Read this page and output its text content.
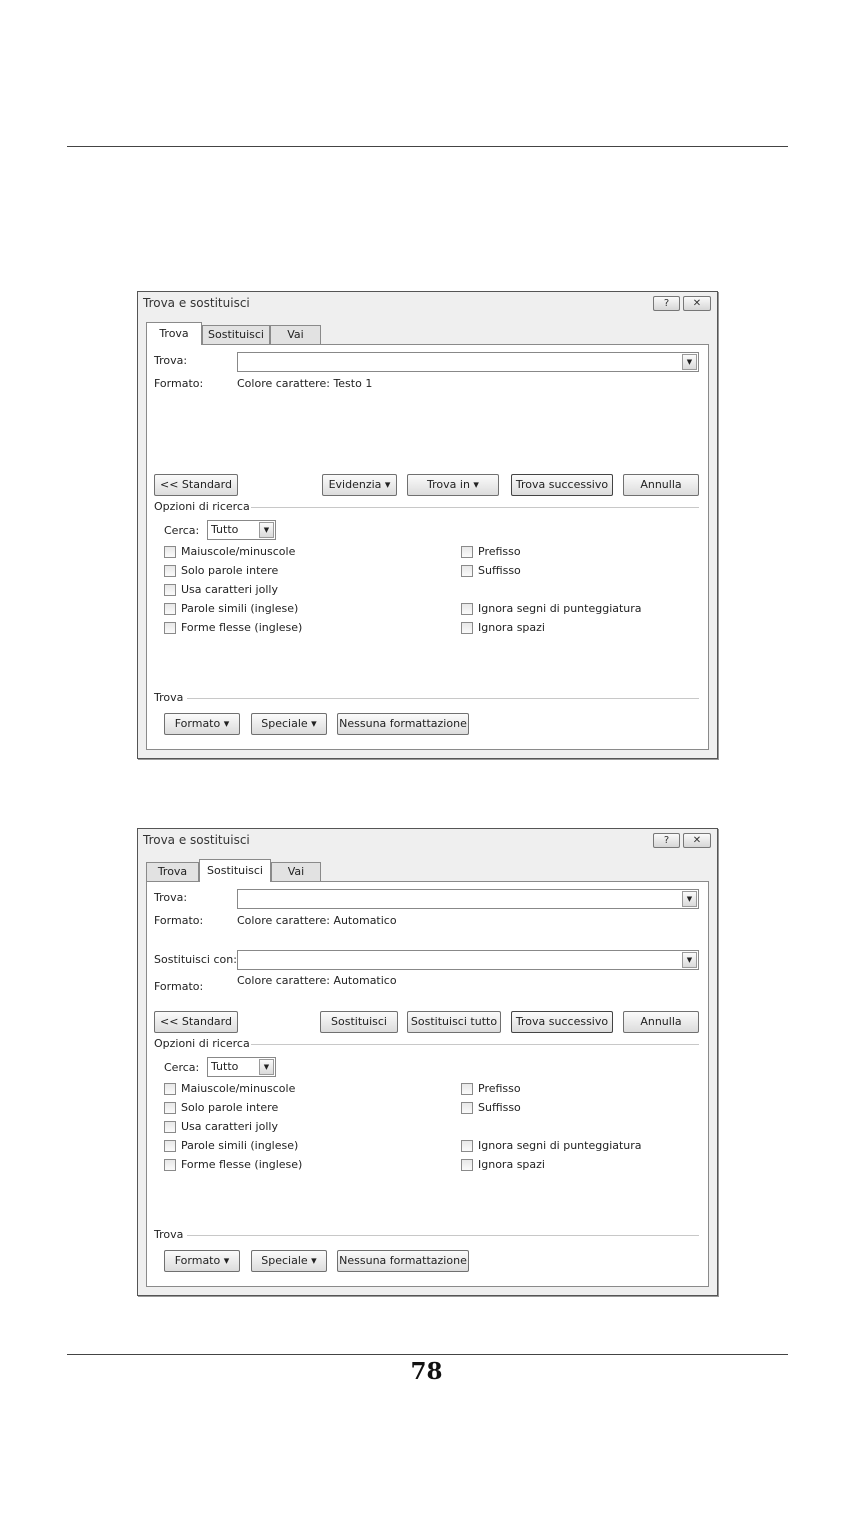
Trova e sostituisci	?	✕
Trova	Sostituisci	Vai
Trova:	▼
Formato:	Colore carattere: Testo 1
<< Standard	Evidenzia ▾	Trova in ▾	Trova successivo	Annulla
Opzioni di ricerca
Cerca: Tutto	▼
Maiuscole/minuscole
Solo parole intere
Usa caratteri jolly
Parole simili (inglese)
Forme flesse (inglese)
Prefisso
Suffisso
Ignora segni di punteggiatura
Ignora spazi
Trova
Formato ▾	Speciale ▾	Nessuna formattazione
Trova e sostituisci	?	✕
Trova	Sostituisci	Vai
Trova:	▼
Formato:	Colore carattere: Automatico
Sostituisci con:	▼
Formato:	Colore carattere: Automatico
<< Standard	Sostituisci	Sostituisci tutto	Trova successivo	Annulla
Opzioni di ricerca
Cerca: Tutto	▼
Maiuscole/minuscole
Solo parole intere
Usa caratteri jolly
Parole simili (inglese)
Forme flesse (inglese)
Prefisso
Suffisso
Ignora segni di punteggiatura
Ignora spazi
Trova
Formato ▾	Speciale ▾	Nessuna formattazione
78
